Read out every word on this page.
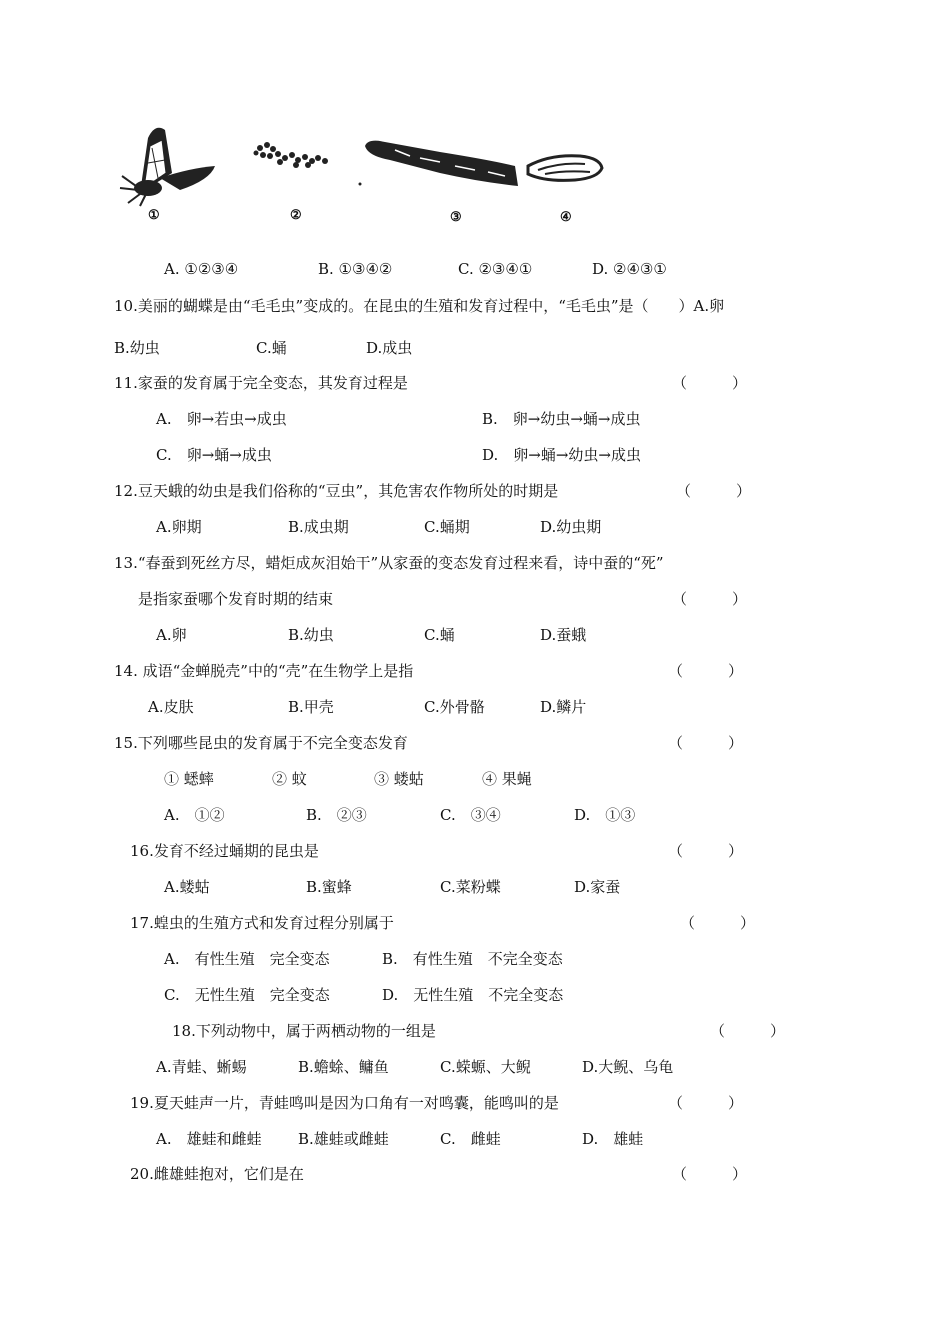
①	②	③	④
A. ①②③④	B. ①③④②	C. ②③④①	D. ②④③①
10.美丽的蝴蝶是由“毛毛虫”变成的。在昆虫的生殖和发育过程中，“毛毛虫”是（　　）A.卵
B.幼虫	C.蛹	D.成虫
11.家蚕的发育属于完全变态，其发育过程是	（　　　）
A.　卵→若虫→成虫	B.　卵→幼虫→蛹→成虫
C.　卵→蛹→成虫	D.　卵→蛹→幼虫→成虫
12.豆天蛾的幼虫是我们俗称的“豆虫”，其危害农作物所处的时期是	（　　　）
A.卵期	B.成虫期	C.蛹期	D.幼虫期
13.“春蚕到死丝方尽，蜡炬成灰泪始干”从家蚕的变态发育过程来看，诗中蚕的“死”
是指家蚕哪个发育时期的结束	（　　　）
A.卵	B.幼虫	C.蛹	D.蚕蛾
14. 成语“金蝉脱壳”中的“壳”在生物学上是指	（　　　）
A.皮肤	B.甲壳	C.外骨骼	D.鳞片
15.下列哪些昆虫的发育属于不完全变态发育	（　　　）
① 蟋蟀	② 蚊	③ 蝼蛄	④ 果蝇
A.　①②	B.　②③	C.　③④	D.　①③
16.发育不经过蛹期的昆虫是	（　　　）
A.蝼蛄	B.蜜蜂	C.菜粉蝶	D.家蚕
17.蝗虫的生殖方式和发育过程分别属于	（　　　）
A.　有性生殖　完全变态	B.　有性生殖　不完全变态
C.　无性生殖　完全变态	D.　无性生殖　不完全变态
18.下列动物中，属于两栖动物的一组是	（　　　）
A.青蛙、蜥蜴	B.蟾蜍、鳙鱼	C.蝾螈、大鲵	D.大鲵、乌龟
19.夏天蛙声一片，青蛙鸣叫是因为口角有一对鸣囊，能鸣叫的是	（　　　）
A.　雄蛙和雌蛙 B.雄蛙或雌蛙	C.　雌蛙	D.　雄蛙
20.雌雄蛙抱对，它们是在	（　　　）
